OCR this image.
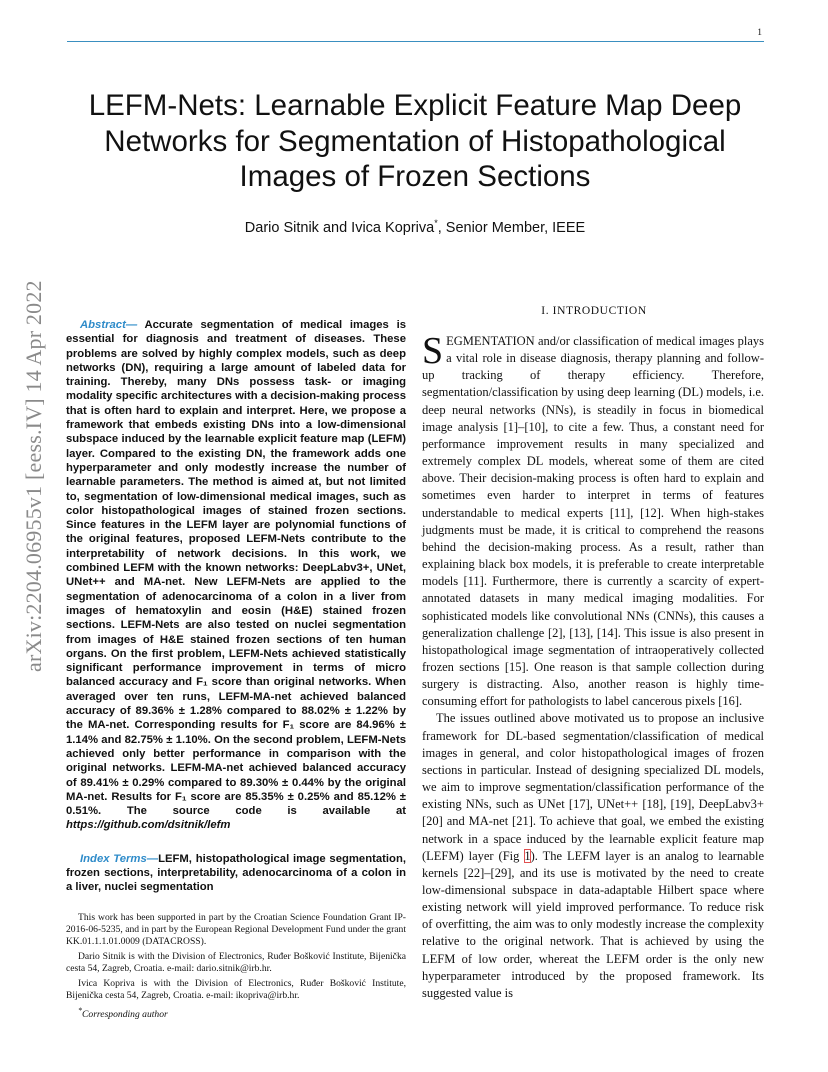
1
LEFM-Nets: Learnable Explicit Feature Map Deep Networks for Segmentation of Histopathological Images of Frozen Sections
Dario Sitnik and Ivica Kopriva*, Senior Member, IEEE
arXiv:2204.06955v1 [eess.IV] 14 Apr 2022	Abstract— Accurate segmentation of medical images is essential for diagnosis and treatment of diseases. These problems are solved by highly complex models, such as deep networks (DN), requiring a large amount of labeled data for training. Thereby, many DNs possess task- or imaging modality specific architectures with a decision-making process that is often hard to explain and interpret. Here, we propose a framework that embeds existing DNs into a low-dimensional subspace induced by the learnable explicit feature map (LEFM) layer. Compared to the existing DN, the framework adds one hyperparameter and only modestly increase the number of learnable parameters. The method is aimed at, but not limited to, segmentation of low-dimensional medical images, such as color histopathological images of stained frozen sections. Since features in the LEFM layer are polynomial functions of the original features, proposed LEFM-Nets contribute to the interpretability of network decisions. In this work, we combined LEFM with the known networks: DeepLabv3+, UNet, UNet++ and MA-net. New LEFM-Nets are applied to the segmentation of adenocarcinoma of a colon in a liver from images of hematoxylin and eosin (H&E) stained frozen sections. LEFM-Nets are also tested on nuclei segmentation from images of H&E stained frozen sections of ten human organs. On the first problem, LEFM-Nets achieved statistically significant performance improvement in terms of micro balanced accuracy and F₁ score than original networks. When averaged over ten runs, LEFM-MA-net achieved balanced accuracy of 89.36% ± 1.28% compared to 88.02% ± 1.22% by the MA-net. Corresponding results for F₁ score are 84.96% ± 1.14% and 82.75% ± 1.10%. On the second problem, LEFM-Nets achieved only better performance in comparison with the original networks. LEFM-MA-net achieved balanced accuracy of 89.41% ± 0.29% compared to 89.30% ± 0.44% by the original MA-net. Results for F₁ score are 85.35% ± 0.25% and 85.12% ± 0.51%. The source code is available at https://github.com/dsitnik/lefm

Index Terms—LEFM, histopathological image segmentation, frozen sections, interpretability, adenocarcinoma of a colon in a liver, nuclei segmentation

This work has been supported in part by the Croatian Science Foundation Grant IP-2016-06-5235, and in part by the European Regional Development Fund under the grant KK.01.1.1.01.0009 (DATACROSS).

Dario Sitnik is with the Division of Electronics, Ruđer Bošković Institute, Bijenička cesta 54, Zagreb, Croatia. e-mail: dario.sitnik@irb.hr.

Ivica Kopriva is with the Division of Electronics, Ruđer Bošković Institute, Bijenička cesta 54, Zagreb, Croatia. e-mail: ikopriva@irb.hr.

*Corresponding author

I. INTRODUCTION

SEGMENTATION and/or classification of medical images plays a vital role in disease diagnosis, therapy planning and follow-up tracking of therapy efficiency. Therefore, segmentation/classification by using deep learning (DL) models, i.e. deep neural networks (NNs), is steadily in focus in biomedical image analysis [1]–[10], to cite a few. Thus, a constant need for performance improvement results in many specialized and extremely complex DL models, whereat some of them are cited above. Their decision-making process is often hard to explain and sometimes even harder to interpret in terms of features understandable to medical experts [11], [12]. When high-stakes judgments must be made, it is critical to comprehend the reasons behind the decision-making process. As a result, rather than explaining black box models, it is preferable to create interpretable models [11]. Furthermore, there is currently a scarcity of expert-annotated datasets in many medical imaging modalities. For sophisticated models like convolutional NNs (CNNs), this causes a generalization challenge [2], [13], [14]. This issue is also present in histopathological image segmentation of intraoperatively collected frozen sections [15]. One reason is that sample collection during surgery is distracting. Also, another reason is highly time-consuming effort for pathologists to label cancerous pixels [16].

The issues outlined above motivated us to propose an inclusive framework for DL-based segmentation/classification of medical images in general, and color histopathological images of frozen sections in particular. Instead of designing specialized DL models, we aim to improve segmentation/classification performance of the existing NNs, such as UNet [17], UNet++ [18], [19], DeepLabv3+ [20] and MA-net [21]. To achieve that goal, we embed the existing network in a space induced by the learnable explicit feature map (LEFM) layer (Fig 1). The LEFM layer is an analog to learnable kernels [22]–[29], and its use is motivated by the need to create low-dimensional subspace in data-adaptable Hilbert space where existing network will yield improved performance. To reduce risk of overfitting, the aim was to only modestly increase the complexity relative to the original network. That is achieved by using the LEFM of low order, whereat the LEFM order is the only new hyperparameter introduced by the proposed framework. Its suggested value is
